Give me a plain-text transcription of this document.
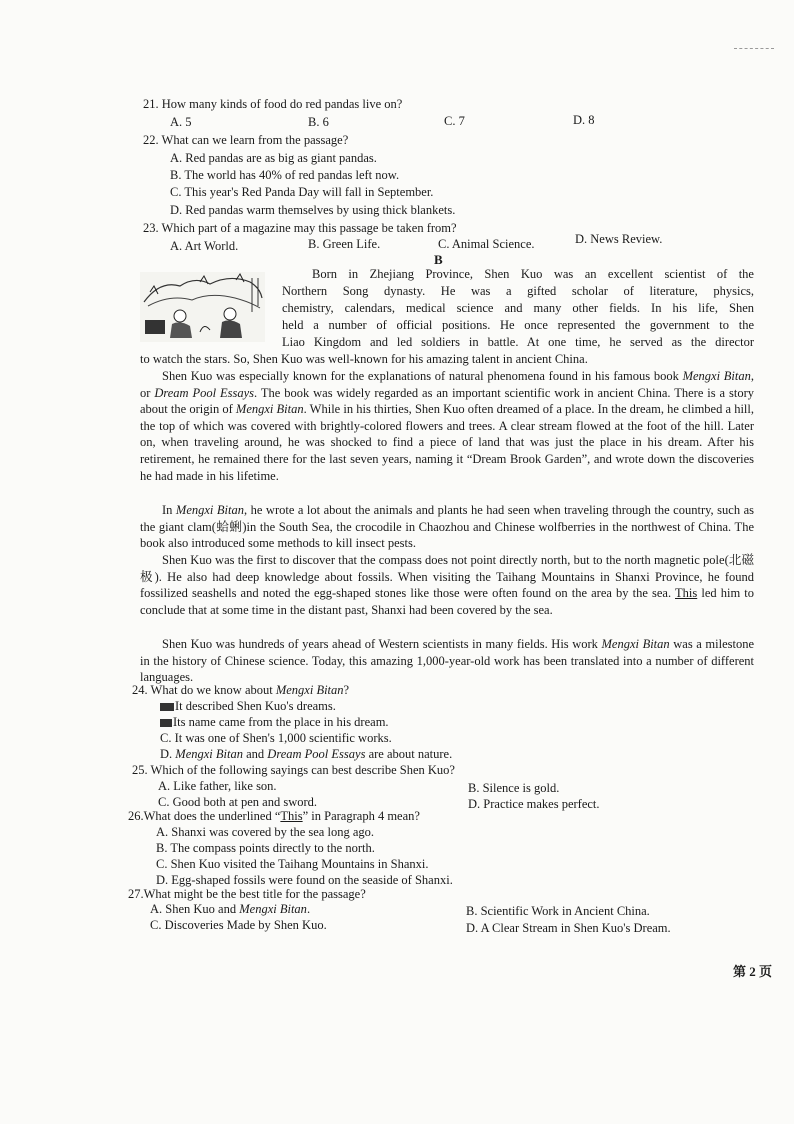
21. How many kinds of food do red pandas live on?
A. 5	B. 6	C. 7	D. 8
22. What can we learn from the passage?
A. Red pandas are as big as giant pandas.
B. The world has 40% of red pandas left now.
C. This year's Red Panda Day will fall in September.
D. Red pandas warm themselves by using thick blankets.
23. Which part of a magazine may this passage be taken from?
A. Art World.	B. Green Life.	C. Animal Science.	D. News Review.
B
Born in Zhejiang Province, Shen Kuo was an excellent scientist of the
Northern Song dynasty. He was a gifted scholar of literature, physics,
chemistry, calendars, medical science and many other fields. In his life, Shen
held a number of official positions. He once represented the government to the
Liao Kingdom and led soldiers in battle. At one time, he served as the director
to watch the stars. So, Shen Kuo was well-known for his amazing talent in ancient China.

Shen Kuo was especially known for the explanations of natural phenomena found in his famous book Mengxi Bitan, or Dream Pool Essays. The book was widely regarded as an important scientific work in ancient China. There is a story about the origin of Mengxi Bitan. While in his thirties, Shen Kuo often dreamed of a place. In the dream, he climbed a hill, the top of which was covered with brightly-colored flowers and trees. A clear stream flowed at the foot of the hill. Later on, when traveling around, he was shocked to find a piece of land that was just the place in his dream. After his retirement, he remained there for the last seven years, naming it “Dream Brook Garden”, and wrote down the discoveries he had made in his lifetime.

In Mengxi Bitan, he wrote a lot about the animals and plants he had seen when traveling through the country, such as the giant clam(蛤蜊)in the South Sea, the crocodile in Chaozhou and Chinese wolfberries in the northwest of China. The book also introduced some methods to kill insect pests.

Shen Kuo was the first to discover that the compass does not point directly north, but to the north magnetic pole(北磁极). He also had deep knowledge about fossils. When visiting the Taihang Mountains in Shanxi Province, he found fossilized seashells and noted the egg-shaped stones like those were often found on the area by the sea. This led him to conclude that at some time in the distant past, Shanxi had been covered by the sea.

Shen Kuo was hundreds of years ahead of Western scientists in many fields. His work Mengxi Bitan was a milestone in the history of Chinese science. Today, this amazing 1,000-year-old work has been translated into a number of different languages.

24. What do we know about Mengxi Bitan?
It described Shen Kuo's dreams.
Its name came from the place in his dream.
C. It was one of Shen's 1,000 scientific works.
D. Mengxi Bitan and Dream Pool Essays are about nature.
25. Which of the following sayings can best describe Shen Kuo?
A. Like father, like son.	B. Silence is gold.
C. Good both at pen and sword.	D. Practice makes perfect.
26.What does the underlined “This” in Paragraph 4 mean?
A. Shanxi was covered by the sea long ago.
B. The compass points directly to the north.
C. Shen Kuo visited the Taihang Mountains in Shanxi.
D. Egg-shaped fossils were found on the seaside of Shanxi.
27.What might be the best title for the passage?
A. Shen Kuo and Mengxi Bitan.	B. Scientific Work in Ancient China.
C. Discoveries Made by Shen Kuo.	D. A Clear Stream in Shen Kuo's Dream.
第 2 页
